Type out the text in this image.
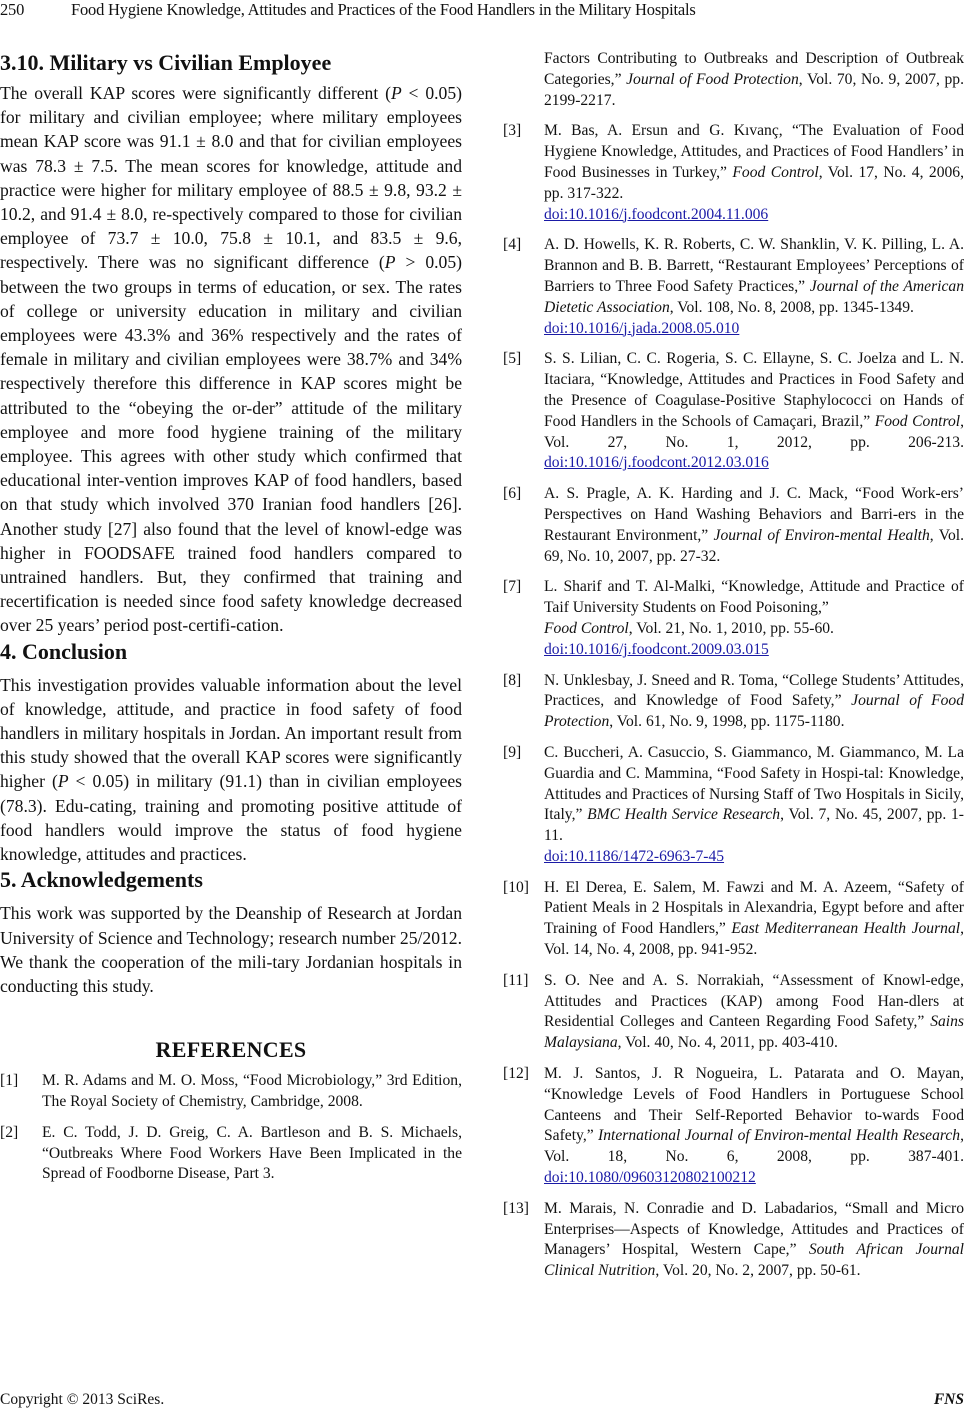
250	Food Hygiene Knowledge, Attitudes and Practices of the Food Handlers in the Military Hospitals
3.10. Military vs Civilian Employee

The overall KAP scores were significantly different (P < 0.05) for military and civilian employee; where military employees mean KAP score was 91.1 ± 8.0 and that for civilian employees was 78.3 ± 7.5. The mean scores for knowledge, attitude and practice were higher for military employee of 88.5 ± 9.8, 93.2 ± 10.2, and 91.4 ± 8.0, re-spectively compared to those for civilian employee of 73.7 ± 10.0, 75.8 ± 10.1, and 83.5 ± 9.6, respectively. There was no significant difference (P > 0.05) between the two groups in terms of education, or sex. The rates of college or university education in military and civilian employees were 43.3% and 36% respectively and the rates of female in military and civilian employees were 38.7% and 34% respectively therefore this difference in KAP scores might be attributed to the “obeying the or-der” attitude of the military employee and more food hygiene training of the military employee. This agrees with other study which confirmed that educational inter-vention improves KAP of food handlers, based on that study which involved 370 Iranian food handlers [26]. Another study [27] also found that the level of knowl-edge was higher in FOODSAFE trained food handlers compared to untrained handlers. But, they confirmed that training and recertification is needed since food safety knowledge decreased over 25 years’ period post-certifi-cation.

4. Conclusion

This investigation provides valuable information about the level of knowledge, attitude, and practice in food safety of food handlers in military hospitals in Jordan. An important result from this study showed that the overall KAP scores were significantly higher (P < 0.05) in military (91.1) than in civilian employees (78.3). Edu-cating, training and promoting positive attitude of food handlers would improve the status of food hygiene knowledge, attitudes and practices.

5. Acknowledgements

This work was supported by the Deanship of Research at Jordan University of Science and Technology; research number 25/2012. We thank the cooperation of the mili-tary Jordanian hospitals in conducting this study.

REFERENCES
[1] M. R. Adams and M. O. Moss, “Food Microbiology,” 3rd Edition, The Royal Society of Chemistry, Cambridge, 2008.
[2] E. C. Todd, J. D. Greig, C. A. Bartleson and B. S. Michaels, “Outbreaks Where Food Workers Have Been Implicated in the Spread of Foodborne Disease, Part 3.
Factors Contributing to Outbreaks and Description of Outbreak Categories,” Journal of Food Protection, Vol. 70, No. 9, 2007, pp. 2199-2217.
[3] M. Bas, A. Ersun and G. Kıvanç, “The Evaluation of Food Hygiene Knowledge, Attitudes, and Practices of Food Handlers’ in Food Businesses in Turkey,” Food Control, Vol. 17, No. 4, 2006, pp. 317-322.
doi:10.1016/j.foodcont.2004.11.006
[4] A. D. Howells, K. R. Roberts, C. W. Shanklin, V. K. Pilling, L. A. Brannon and B. B. Barrett, “Restaurant Employees’ Perceptions of Barriers to Three Food Safety Practices,” Journal of the American Dietetic Association, Vol. 108, No. 8, 2008, pp. 1345-1349.
doi:10.1016/j.jada.2008.05.010
[5] S. S. Lilian, C. C. Rogeria, S. C. Ellayne, S. C. Joelza and L. N. Itaciara, “Knowledge, Attitudes and Practices in Food Safety and the Presence of Coagulase-Positive Staphylococci on Hands of Food Handlers in the Schools of Camaçari, Brazil,” Food Control, Vol. 27, No. 1, 2012, pp. 206-213. doi:10.1016/j.foodcont.2012.03.016
[6] A. S. Pragle, A. K. Harding and J. C. Mack, “Food Work-ers’ Perspectives on Hand Washing Behaviors and Barri-ers in the Restaurant Environment,” Journal of Environ-mental Health, Vol. 69, No. 10, 2007, pp. 27-32.
[7] L. Sharif and T. Al-Malki, “Knowledge, Attitude and Practice of Taif University Students on Food Poisoning,”
Food Control, Vol. 21, No. 1, 2010, pp. 55-60.
doi:10.1016/j.foodcont.2009.03.015
[8] N. Unklesbay, J. Sneed and R. Toma, “College Students’ Attitudes, Practices, and Knowledge of Food Safety,” Journal of Food Protection, Vol. 61, No. 9, 1998, pp. 1175-1180.
[9] C. Buccheri, A. Casuccio, S. Giammanco, M. Giammanco, M. La Guardia and C. Mammina, “Food Safety in Hospi-tal: Knowledge, Attitudes and Practices of Nursing Staff of Two Hospitals in Sicily, Italy,” BMC Health Service Research, Vol. 7, No. 45, 2007, pp. 1-11.
doi:10.1186/1472-6963-7-45
[10] H. El Derea, E. Salem, M. Fawzi and M. A. Azeem, “Safety of Patient Meals in 2 Hospitals in Alexandria, Egypt before and after Training of Food Handlers,” East Mediterranean Health Journal, Vol. 14, No. 4, 2008, pp. 941-952.
[11] S. O. Nee and A. S. Norrakiah, “Assessment of Knowl-edge, Attitudes and Practices (KAP) among Food Han-dlers at Residential Colleges and Canteen Regarding Food Safety,” Sains Malaysiana, Vol. 40, No. 4, 2011, pp. 403-410.
[12] M. J. Santos, J. R Nogueira, L. Patarata and O. Mayan, “Knowledge Levels of Food Handlers in Portuguese School Canteens and Their Self-Reported Behavior to-wards Food Safety,” International Journal of Environ-mental Health Research, Vol. 18, No. 6, 2008, pp. 387-401. doi:10.1080/09603120802100212
[13] M. Marais, N. Conradie and D. Labadarios, “Small and Micro Enterprises—Aspects of Knowledge, Attitudes and Practices of Managers’ Hospital, Western Cape,” South African Journal Clinical Nutrition, Vol. 20, No. 2, 2007, pp. 50-61.
Copyright © 2013 SciRes.	FNS
